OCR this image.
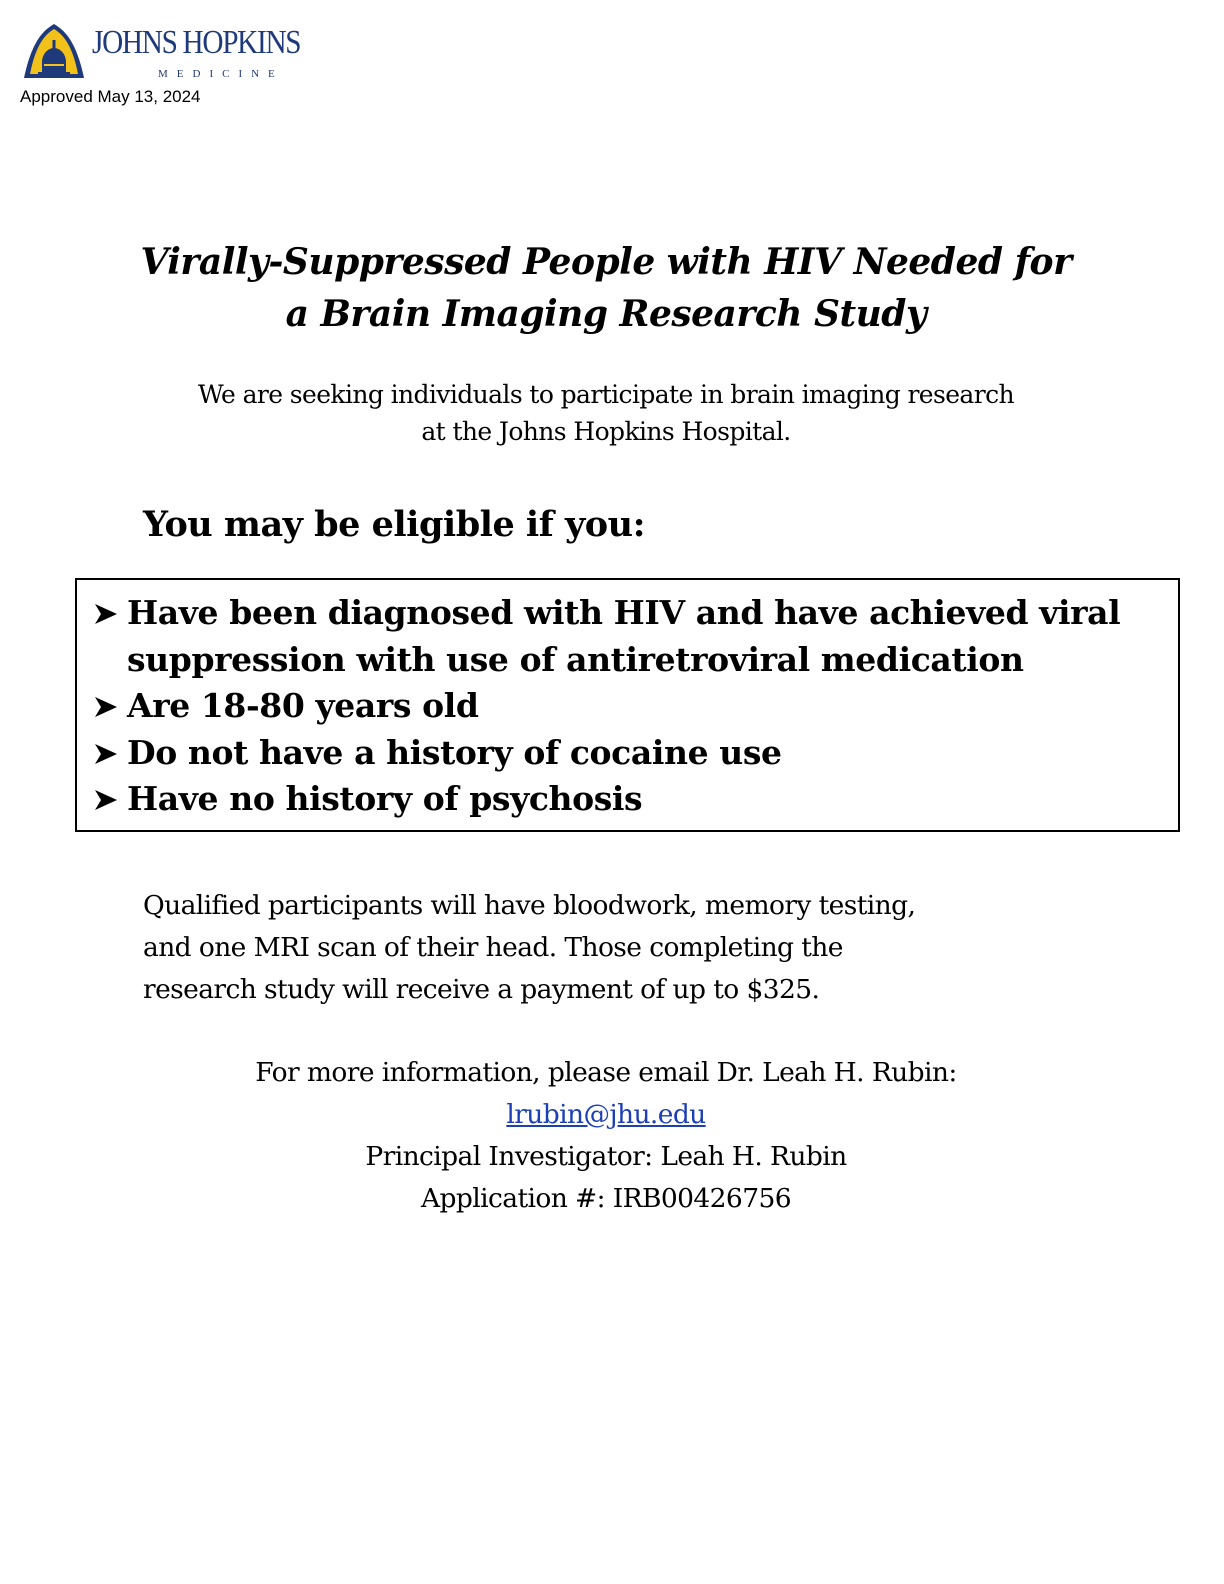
JOHNS HOPKINS
MEDICINE
Approved May 13, 2024
Virally-Suppressed People with HIV Needed for
a Brain Imaging Research Study
We are seeking individuals to participate in brain imaging research
at the Johns Hopkins Hospital.
You may be eligible if you:
Have been diagnosed with HIV and have achieved viral suppression with use of antiretroviral medication
Are 18-80 years old
Do not have a history of cocaine use
Have no history of psychosis
Qualified participants will have bloodwork, memory testing,
and one MRI scan of their head. Those completing the
research study will receive a payment of up to $325.
For more information, please email Dr. Leah H. Rubin:
lrubin@jhu.edu
Principal Investigator: Leah H. Rubin
Application #: IRB00426756
